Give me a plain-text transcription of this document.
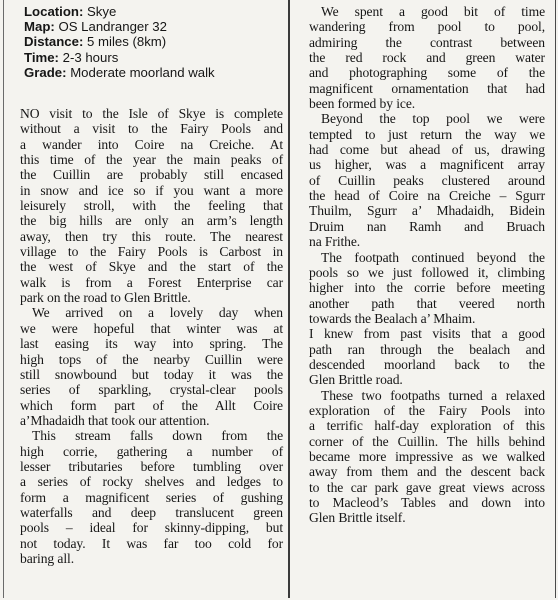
Location: Skye
Map: OS Landranger 32
Distance: 5 miles (8km)
Time: 2-3 hours
Grade: Moderate moorland walk

NO visit to the Isle of Skye is complete
without a visit to the Fairy Pools and
a wander into Coire na Creiche. At
this time of the year the main peaks of
the Cuillin are probably still encased
in snow and ice so if you want a more
leisurely stroll, with the feeling that
the big hills are only an arm’s length
away, then try this route. The nearest
village to the Fairy Pools is Carbost in
the west of Skye and the start of the
walk is from a Forest Enterprise car
park on the road to Glen Brittle.

We arrived on a lovely day when
we were hopeful that winter was at
last easing its way into spring. The
high tops of the nearby Cuillin were
still snowbound but today it was the
series of sparkling, crystal-clear pools
which form part of the Allt Coire
a’Mhadaidh that took our attention.

This stream falls down from the
high corrie, gathering a number of
lesser tributaries before tumbling over
a series of rocky shelves and ledges to
form a magnificent series of gushing
waterfalls and deep translucent green
pools – ideal for skinny-dipping, but
not today. It was far too cold for
baring all.

We spent a good bit of time
wandering from pool to pool,
admiring the contrast between
the red rock and green water
and photographing some of the
magnificent ornamentation that had
been formed by ice.

Beyond the top pool we were
tempted to just return the way we
had come but ahead of us, drawing
us higher, was a magnificent array
of Cuillin peaks clustered around
the head of Coire na Creiche – Sgurr
Thuilm, Sgurr a’ Mhadaidh, Bidein
Druim nan Ramh and Bruach
na Frithe.

The footpath continued beyond the
pools so we just followed it, climbing
higher into the corrie before meeting
another path that veered north
towards the Bealach a’ Mhaim.

I knew from past visits that a good
path ran through the bealach and
descended moorland back to the
Glen Brittle road.

These two footpaths turned a relaxed
exploration of the Fairy Pools into
a terrific half-day exploration of this
corner of the Cuillin. The hills behind
became more impressive as we walked
away from them and the descent back
to the car park gave great views across
to Macleod’s Tables and down into
Glen Brittle itself.
